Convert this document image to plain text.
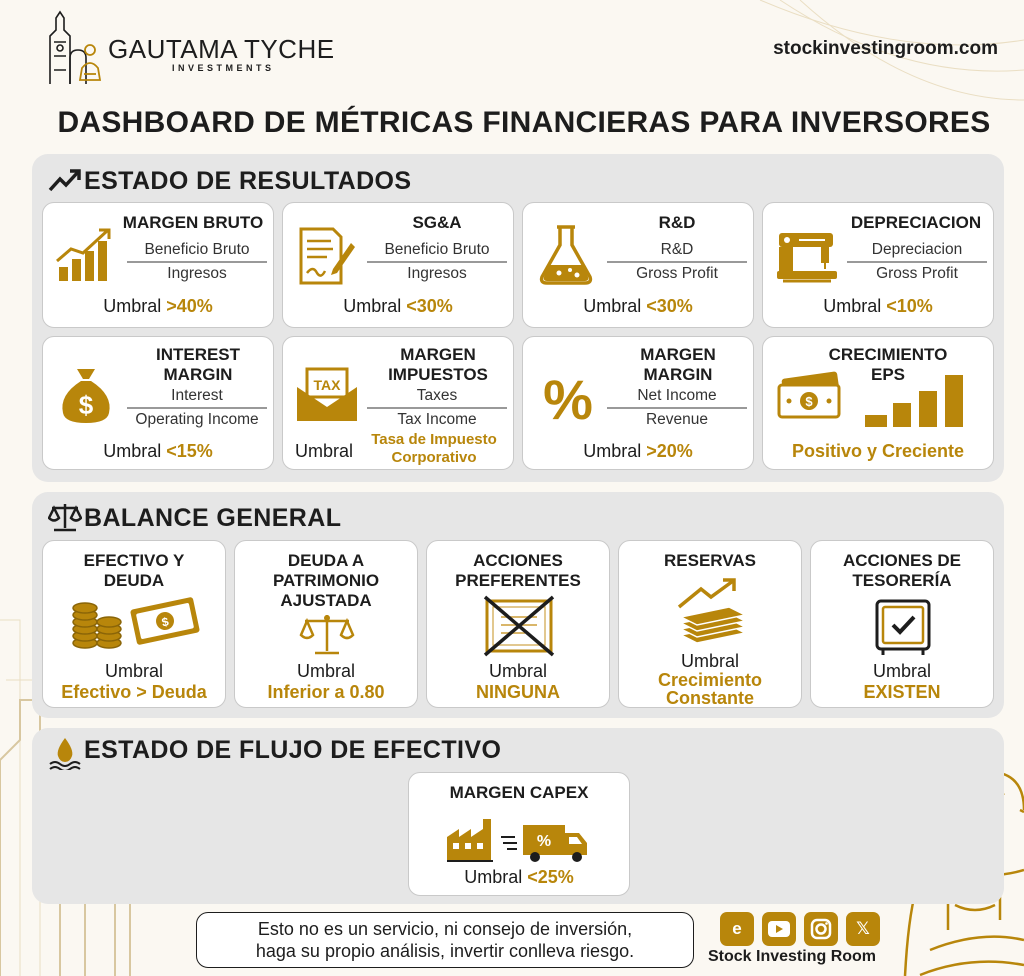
GAUTAMA TYCHE
INVESTMENTS
stockinvestingroom.com
DASHBOARD DE MÉTRICAS FINANCIERAS PARA INVERSORES
ESTADO DE RESULTADOS
MARGEN BRUTO
Beneficio Bruto
Ingresos
Umbral >40%
SG&A
Beneficio Bruto
Ingresos
Umbral <30%
R&D
R&D
Gross Profit
Umbral <30%
DEPRECIACION
Depreciacion
Gross Profit
Umbral <10%
$
INTEREST
MARGIN
Interest
Operating Income
Umbral <15%
TAX
MARGEN
IMPUESTOS
Taxes
Tax Income
Umbral
Tasa de Impuesto
Corporativo
%
MARGEN
MARGIN
Net Income
Revenue
Umbral >20%
CRECIMIENTO
EPS
$
Positivo y Creciente
BALANCE GENERAL
EFECTIVO Y
DEUDA
$
Umbral
Efectivo > Deuda
DEUDA A
PATRIMONIO
AJUSTADA
Umbral
Inferior a 0.80
ACCIONES
PREFERENTES
Umbral
NINGUNA
RESERVAS
Umbral
Crecimiento
Constante
ACCIONES DE
TESORERÍA
Umbral
EXISTEN
ESTADO DE FLUJO DE EFECTIVO
MARGEN CAPEX
%
Umbral <25%
Esto no es un servicio, ni consejo de inversión,
haga su propio análisis, invertir conlleva riesgo.
e	𝕏
Stock Investing Room
